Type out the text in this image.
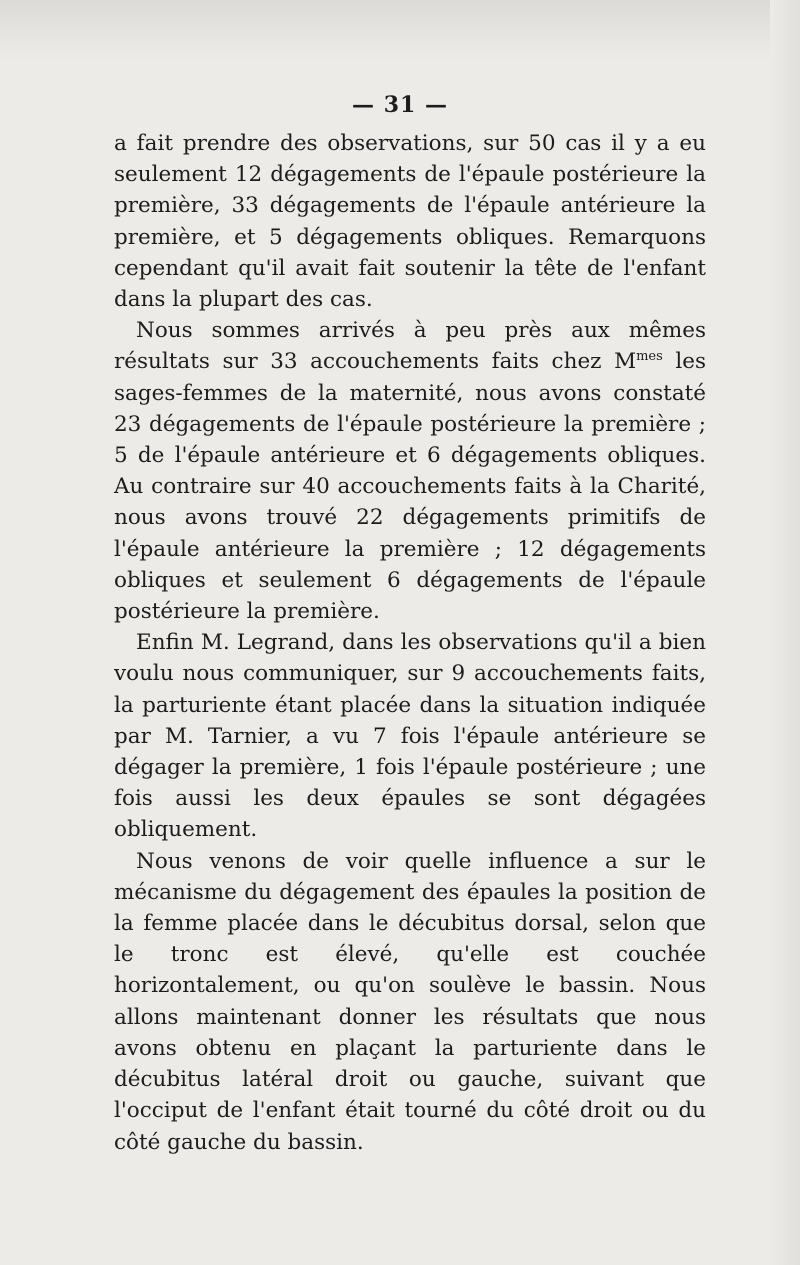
— 31 —

a fait prendre des observations, sur 50 cas il y a eu seulement 12 dégagements de l'épaule postérieure la première, 33 dégagements de l'épaule antérieure la première, et 5 dégagements obliques. Remarquons cependant qu'il avait fait soutenir la tête de l'enfant dans la plupart des cas.

Nous sommes arrivés à peu près aux mêmes résultats sur 33 accouchements faits chez $M^{mes}$ les sages-femmes de la maternité, nous avons constaté 23 dégagements de l'épaule postérieure la première ; 5 de l'épaule antérieure et 6 dégagements obliques. Au contraire sur 40 accouchements faits à la Charité, nous avons trouvé 22 dégagements primitifs de l'épaule antérieure la première ; 12 dégagements obliques et seulement 6 dégagements de l'épaule postérieure la première.

Enfin M. Legrand, dans les observations qu'il a bien voulu nous communiquer, sur 9 accouchements faits, la parturiente étant placée dans la situation indiquée par M. Tarnier, a vu 7 fois l'épaule antérieure se dégager la première, 1 fois l'épaule postérieure ; une fois aussi les deux épaules se sont dégagées obliquement.

Nous venons de voir quelle influence a sur le mécanisme du dégagement des épaules la position de la femme placée dans le décubitus dorsal, selon que le tronc est élevé, qu'elle est couchée horizontalement, ou qu'on soulève le bassin. Nous allons maintenant donner les résultats que nous avons obtenu en plaçant la parturiente dans le décubitus latéral droit ou gauche, suivant que l'occiput de l'enfant était tourné du côté droit ou du côté gauche du bassin.
